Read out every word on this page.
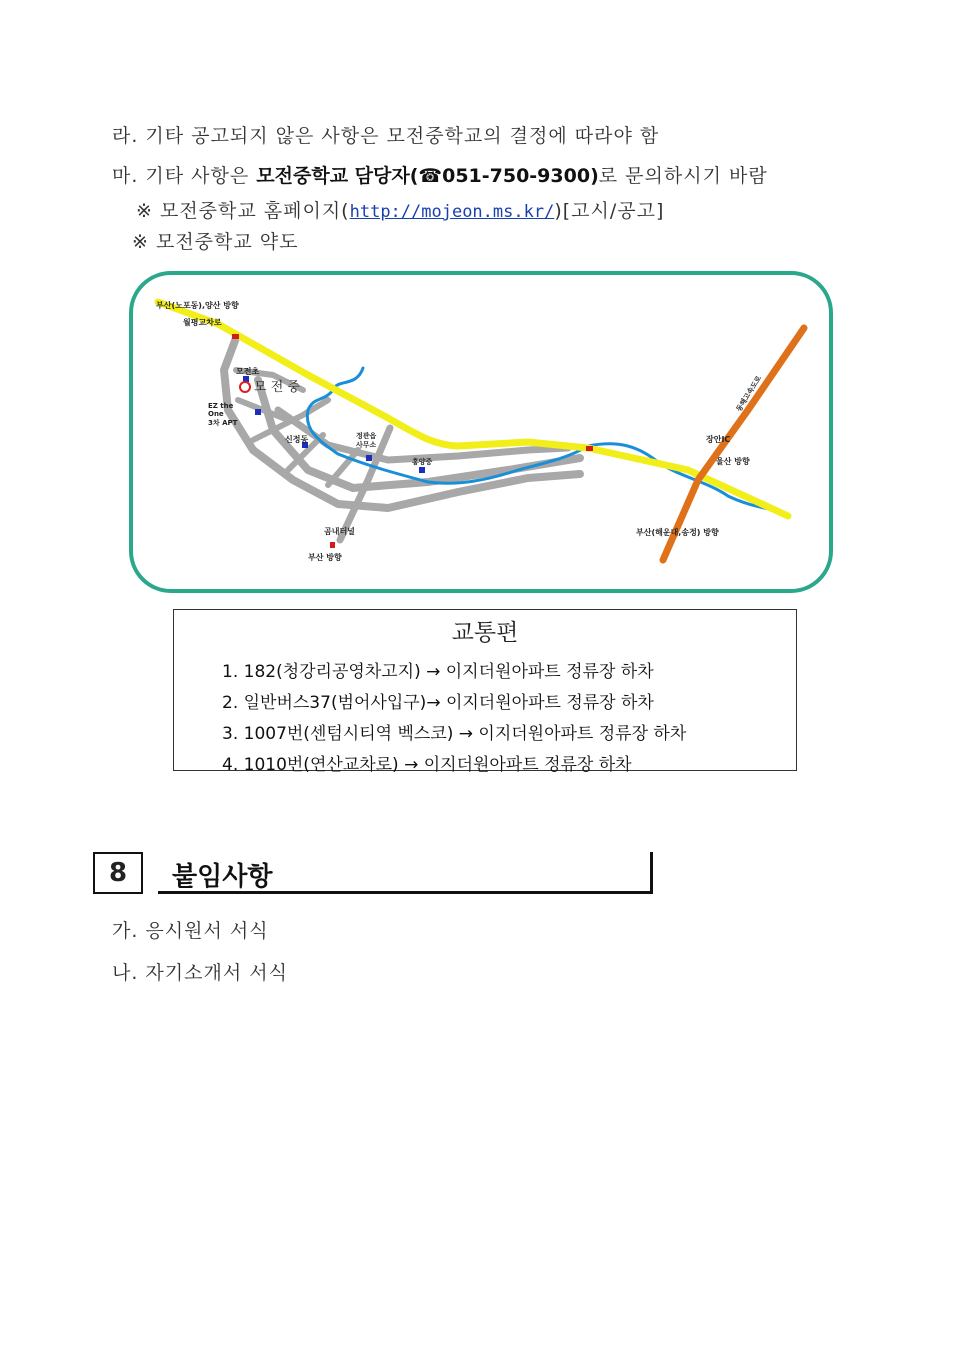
라. 기타 공고되지 않은 사항은 모전중학교의 결정에 따라야 함
마. 기타 사항은 모전중학교 담당자(☎051-750-9300)로 문의하시기 바람
※ 모전중학교 홈페이지(http://mojeon.ms.kr/)[고시/공고]
※ 모전중학교 약도
부산(노포동),양산 방향
월평교차로
모전초
모 전 중
EZ the
One
3차 APT
신정동	정관읍
사무소
홍양중
장안IC
울산 방향
부산(해운대,송정) 방향
곰내터널
부산 방향
동해고속도로
교통편
1. 182(청강리공영차고지) → 이지더원아파트 정류장 하차
2. 일반버스37(범어사입구)→ 이지더원아파트 정류장 하차
3. 1007번(센텀시티역 벡스코) → 이지더원아파트 정류장 하차
4. 1010번(연산교차로) → 이지더원아파트 정류장 하차
8	붙임사항
가. 응시원서 서식
나. 자기소개서 서식
